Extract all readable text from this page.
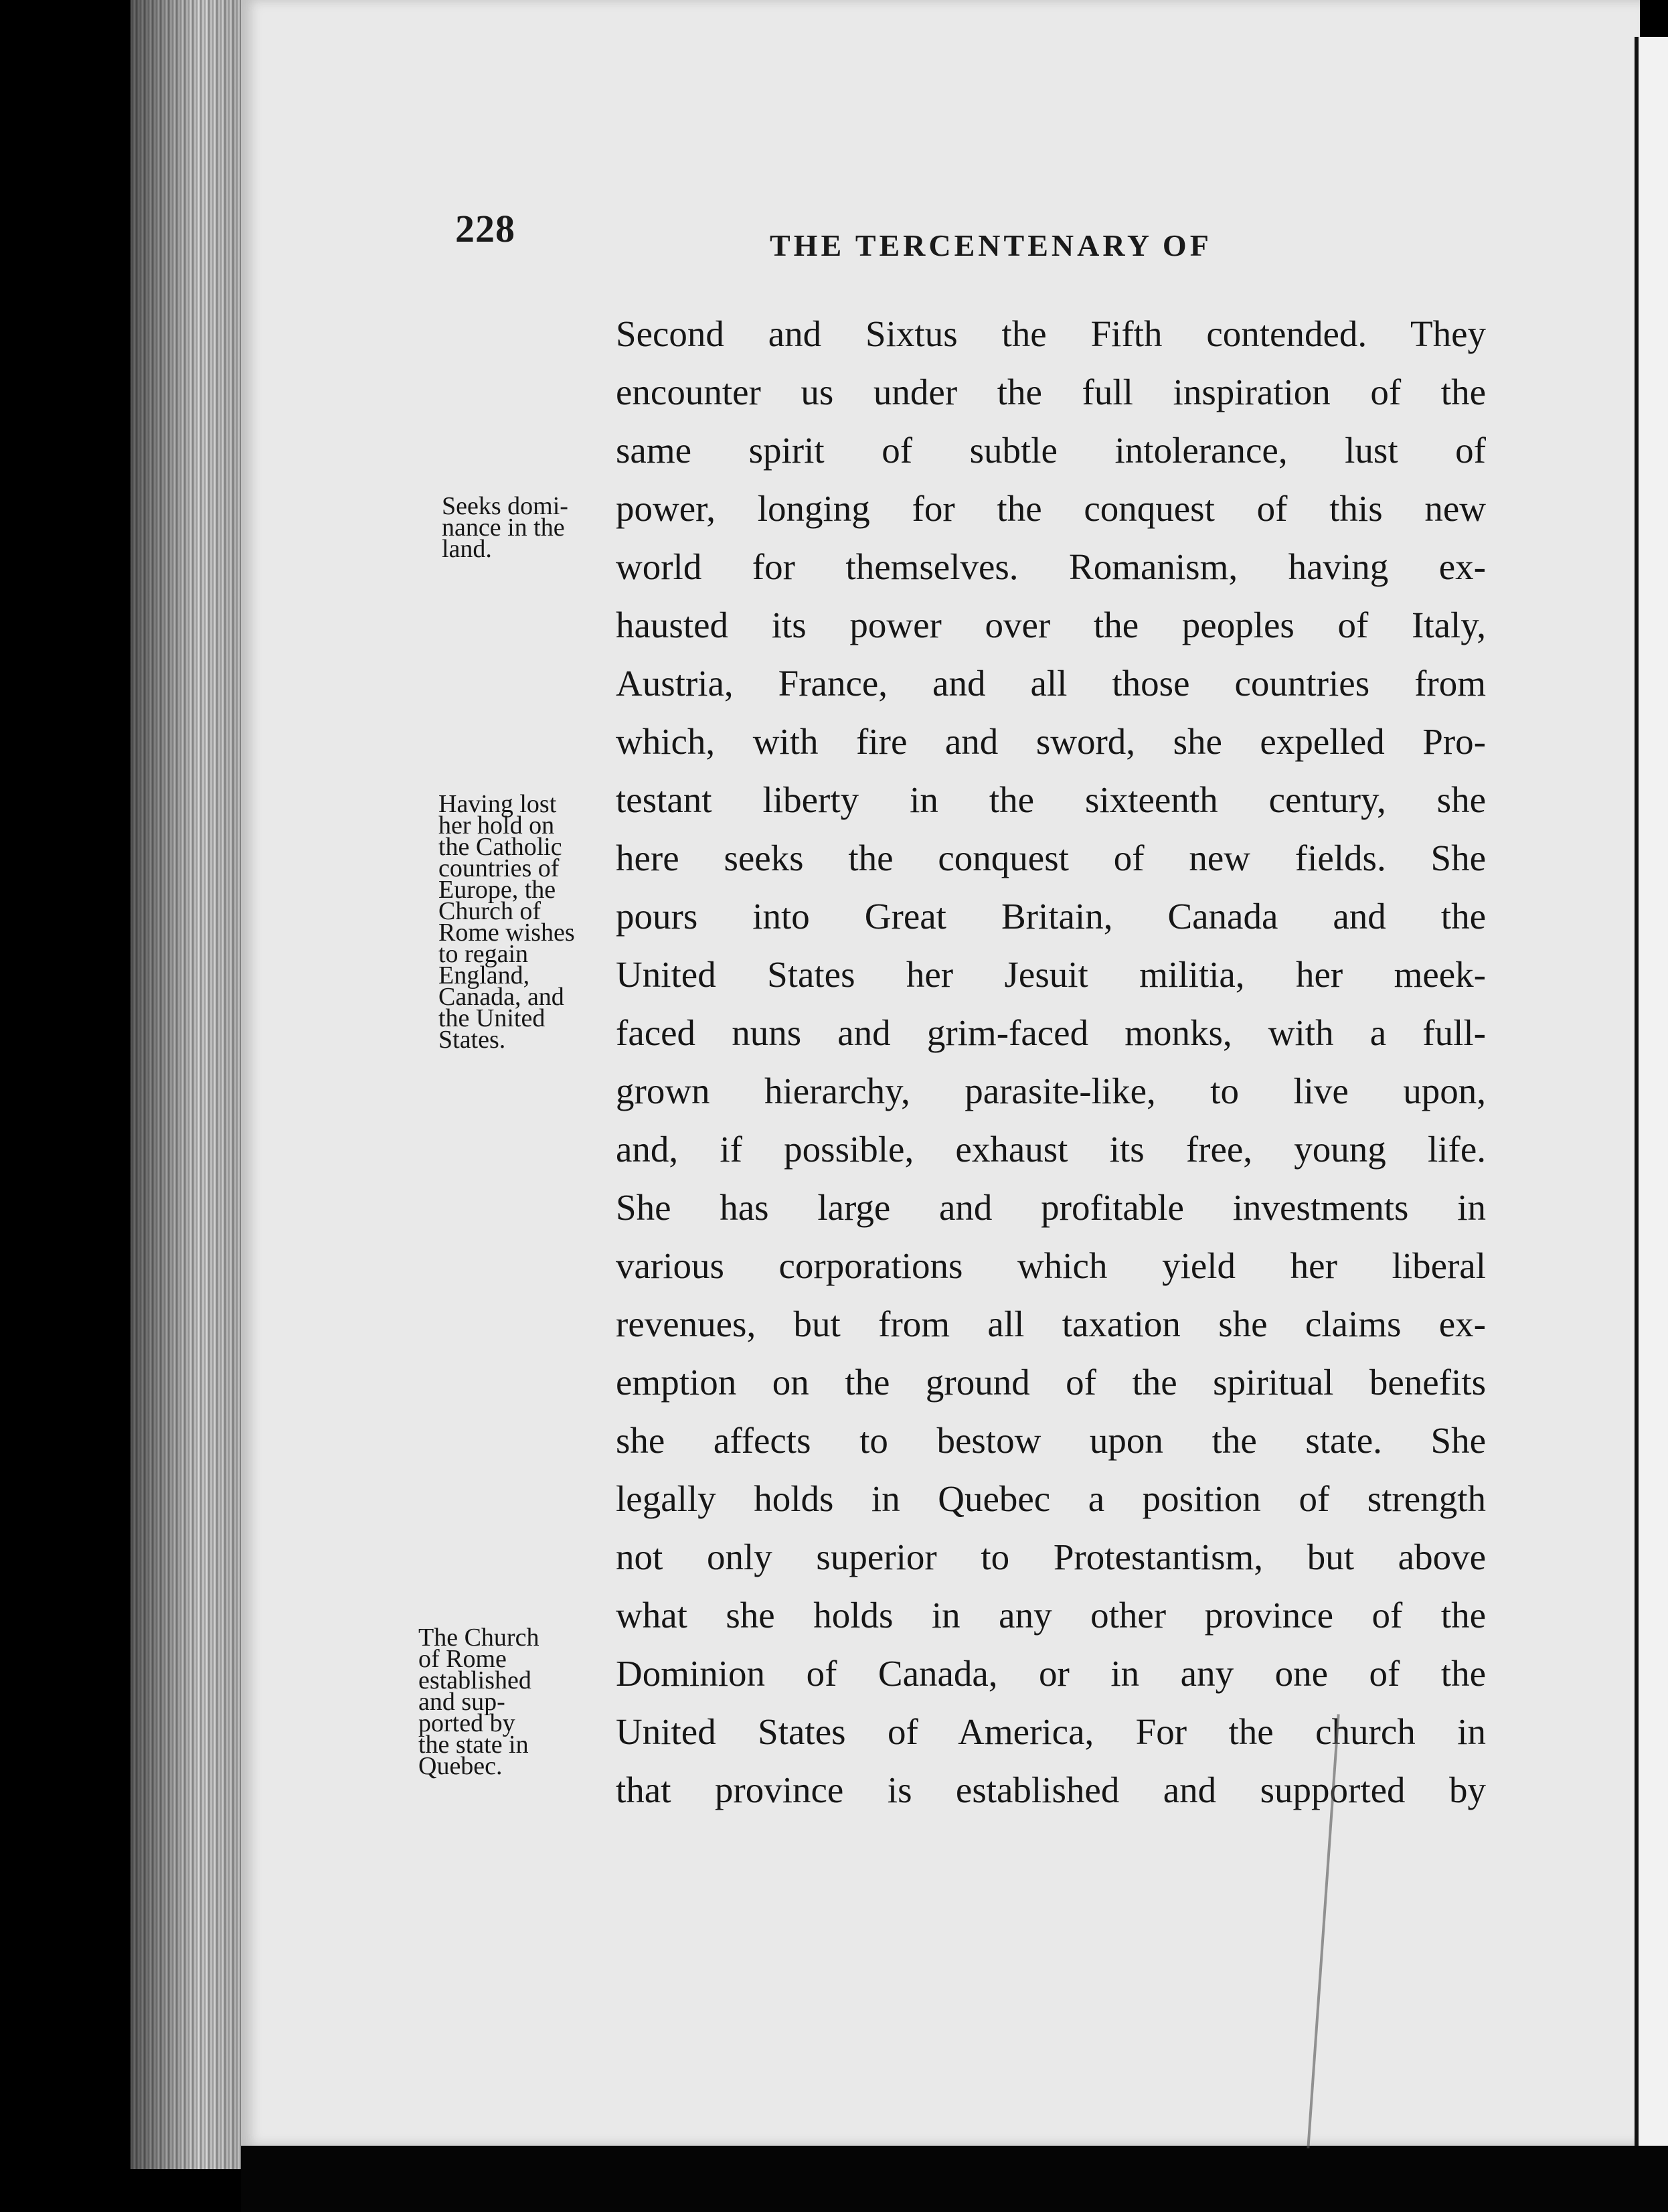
228	THE TERCENTENARY OF
Second and Sixtus the Fifth contended. They
encounter us under the full inspiration of the
same spirit of subtle intolerance, lust of
power, longing for the conquest of this new
world for themselves. Romanism, having ex-
hausted its power over the peoples of Italy,
Austria, France, and all those countries from
which, with fire and sword, she expelled Pro-
testant liberty in the sixteenth century, she
here seeks the conquest of new fields. She
pours into Great Britain, Canada and the
United States her Jesuit militia, her meek-
faced nuns and grim-faced monks, with a full-
grown hierarchy, parasite-like, to live upon,
and, if possible, exhaust its free, young life.
She has large and profitable investments in
various corporations which yield her liberal
revenues, but from all taxation she claims ex-
emption on the ground of the spiritual benefits
she affects to bestow upon the state. She
legally holds in Quebec a position of strength
not only superior to Protestantism, but above
what she holds in any other province of the
Dominion of Canada, or in any one of the
United States of America, For the church in
that province is established and supported by
Seeks domi-
nance in the
land.
Having lost
her hold on
the Catholic
countries of
Europe, the
Church of
Rome wishes
to regain
England,
Canada, and
the United
States.
The Church
of Rome
established
and sup-
ported by
the state in
Quebec.
